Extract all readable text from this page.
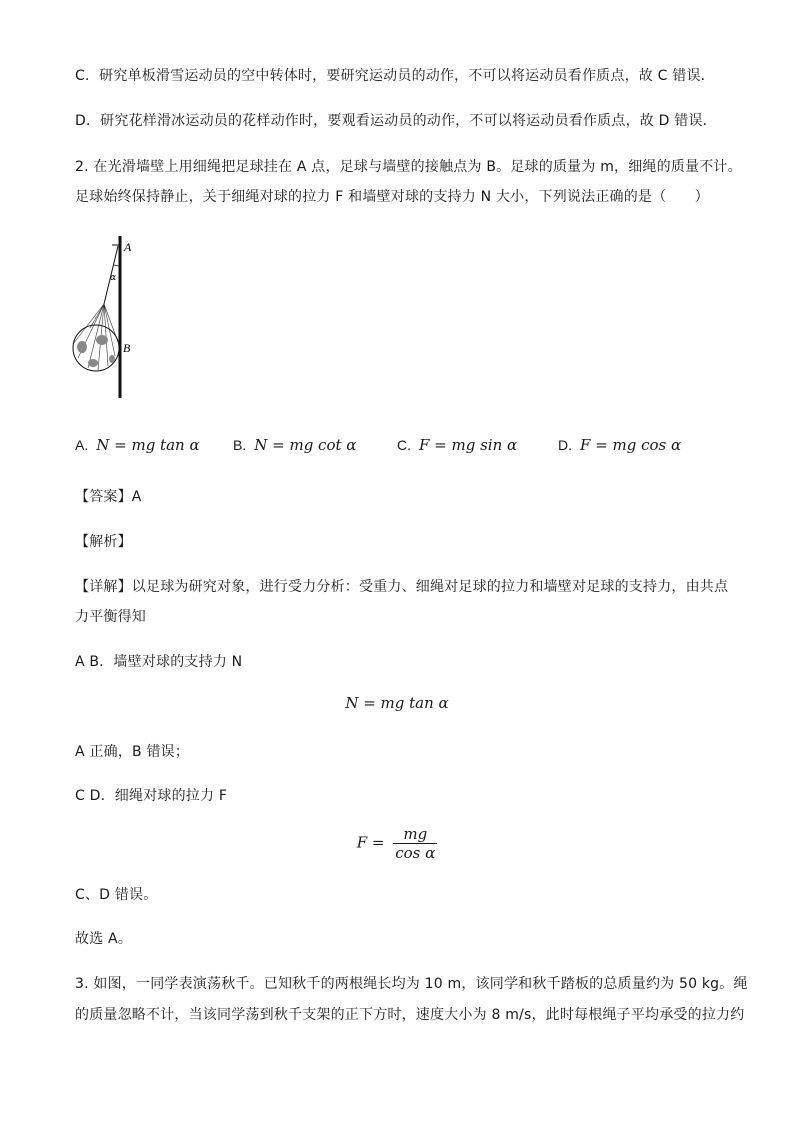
C．研究单板滑雪运动员的空中转体时，要研究运动员的动作，不可以将运动员看作质点，故 C 错误．
D．研究花样滑冰运动员的花样动作时，要观看运动员的动作，不可以将运动员看作质点，故 D 错误．
2. 在光滑墙壁上用细绳把足球挂在 A 点，足球与墙壁的接触点为 B。足球的质量为 m，细绳的质量不计。
足球始终保持静止，关于细绳对球的拉力 F 和墙壁对球的支持力 N 大小，下列说法正确的是（　　）
A
α
B
A. N = mg tan α B. N = mg cot α	C. F = mg sin α	D. F = mg cos α
【答案】A
【解析】
【详解】以足球为研究对象，进行受力分析：受重力、细绳对足球的拉力和墙壁对足球的支持力，由共点
力平衡得知
A B．墙壁对球的支持力 N
N = mg tan α
A 正确，B 错误；
C D．细绳对球的拉力 F
$F = \frac{mg}{\text{cos α}}$
C、D 错误。
故选 A。
3. 如图，一同学表演荡秋千。已知秋千的两根绳长均为 10 m，该同学和秋千踏板的总质量约为 50 kg。绳
的质量忽略不计，当该同学荡到秋千支架的正下方时，速度大小为 8 m/s，此时每根绳子平均承受的拉力约
